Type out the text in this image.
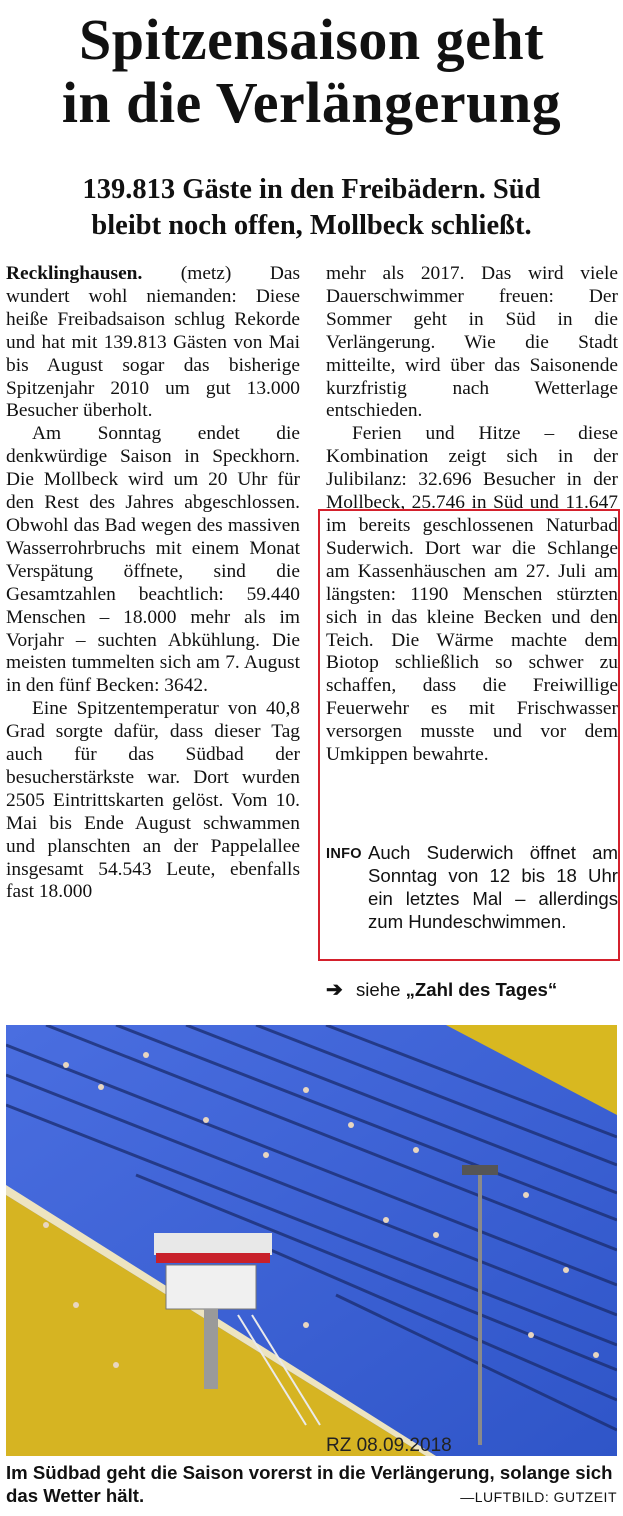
Spitzensaison geht
in die Verlängerung
139.813 Gäste in den Freibädern. Süd
bleibt noch offen, Mollbeck schließt.

Recklinghausen. (metz) Das wundert wohl niemanden: Diese heiße Freibadsaison schlug Rekorde und hat mit 139.813 Gästen von Mai bis August sogar das bisherige Spitzenjahr 2010 um gut 13.000 Besucher überholt.

Am Sonntag endet die denkwürdige Saison in Speckhorn. Die Mollbeck wird um 20 Uhr für den Rest des Jahres abgeschlossen. Obwohl das Bad wegen des massiven Wasserrohrbruchs mit einem Monat Verspätung öffnete, sind die Gesamtzahlen beachtlich: 59.440 Menschen – 18.000 mehr als im Vorjahr – suchten Abkühlung. Die meisten tummelten sich am 7. August in den fünf Becken: 3642.

Eine Spitzentemperatur von 40,8 Grad sorgte dafür, dass dieser Tag auch für das Südbad der besucherstärkste war. Dort wurden 2505 Eintrittskarten gelöst. Vom 10. Mai bis Ende August schwammen und planschten an der Pappelallee insgesamt 54.543 Leute, ebenfalls fast 18.000

mehr als 2017. Das wird viele Dauerschwimmer freuen: Der Sommer geht in Süd in die Verlängerung. Wie die Stadt mitteilte, wird über das Saisonende kurzfristig nach Wetterlage entschieden.

Ferien und Hitze – diese Kombination zeigt sich in der Julibilanz: 32.696 Besucher in der Mollbeck, 25.746 in Süd und 11.647 im bereits geschlossenen Naturbad Suderwich. Dort war die Schlange am Kassenhäuschen am 27. Juli am längsten: 1190 Menschen stürzten sich in das kleine Becken und den Teich. Die Wärme machte dem Biotop schließlich so schwer zu schaffen, dass die Freiwillige Feuerwehr es mit Frischwasser versorgen musste und vor dem Umkippen bewahrte.

INFO Auch Suderwich öffnet am Sonntag von 12 bis 18 Uhr ein letztes Mal – allerdings zum Hundeschwimmen.
➔ siehe „Zahl des Tages“
RZ 08.09.2018
Im Südbad geht die Saison vorerst in die Verlängerung, solange sich das Wetter hält.	—LUFTBILD: GUTZEIT
